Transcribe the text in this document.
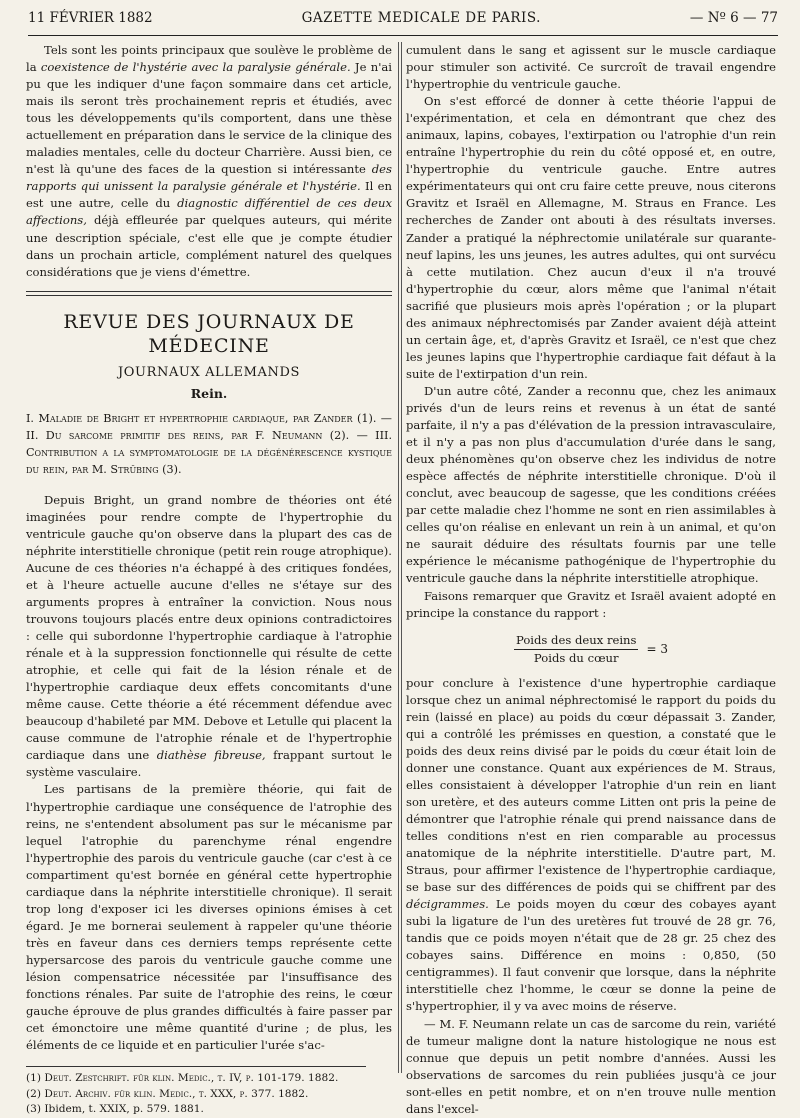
11 FÉVRIER 1882	GAZETTE MEDICALE DE PARIS.	— Nº 6 — 77

Tels sont les points principaux que soulève le problème de la coexistence de l'hystérie avec la paralysie générale. Je n'ai pu que les indiquer d'une façon sommaire dans cet article, mais ils seront très prochainement repris et étudiés, avec tous les développements qu'ils comportent, dans une thèse actuellement en préparation dans le service de la clinique des maladies mentales, celle du docteur Charrière. Aussi bien, ce n'est là qu'une des faces de la question si intéressante des rapports qui unissent la paralysie générale et l'hystérie. Il en est une autre, celle du diagnostic différentiel de ces deux affections, déjà effleurée par quelques auteurs, qui mérite une description spéciale, c'est elle que je compte étudier dans un prochain article, complément naturel des quelques considérations que je viens d'émettre.

REVUE DES JOURNAUX DE MÉDECINE
JOURNAUX ALLEMANDS
Rein.

I. Maladie de Bright et hypertrophie cardiaque, par Zander (1). — II. Du sarcome primitif des reins, par F. Neumann (2). — III. Contribution a la symptomatologie de la dégénérescence kystique du rein, par M. Strübing (3).

Depuis Bright, un grand nombre de théories ont été imaginées pour rendre compte de l'hypertrophie du ventricule gauche qu'on observe dans la plupart des cas de néphrite interstitielle chronique (petit rein rouge atrophique). Aucune de ces théories n'a échappé à des critiques fondées, et à l'heure actuelle aucune d'elles ne s'étaye sur des arguments propres à entraîner la conviction. Nous nous trouvons toujours placés entre deux opinions contradictoires : celle qui subordonne l'hypertrophie cardiaque à l'atrophie rénale et à la suppression fonctionnelle qui résulte de cette atrophie, et celle qui fait de la lésion rénale et de l'hypertrophie cardiaque deux effets concomitants d'une même cause. Cette théorie a été récemment défendue avec beaucoup d'habileté par MM. Debove et Letulle qui placent la cause commune de l'atrophie rénale et de l'hypertrophie cardiaque dans une diathèse fibreuse, frappant surtout le système vasculaire.

Les partisans de la première théorie, qui fait de l'hypertrophie cardiaque une conséquence de l'atrophie des reins, ne s'entendent absolument pas sur le mécanisme par lequel l'atrophie du parenchyme rénal engendre l'hypertrophie des parois du ventricule gauche (car c'est à ce compartiment qu'est bornée en général cette hypertrophie cardiaque dans la néphrite interstitielle chronique). Il serait trop long d'exposer ici les diverses opinions émises à cet égard. Je me bornerai seulement à rappeler qu'une théorie très en faveur dans ces derniers temps représente cette hypersarcose des parois du ventricule gauche comme une lésion compensatrice nécessitée par l'insuffisance des fonctions rénales. Par suite de l'atrophie des reins, le cœur gauche éprouve de plus grandes difficultés à faire passer par cet émonctoire une même quantité d'urine ; de plus, les éléments de ce liquide et en particulier l'urée s'ac-

(1) Deut. Zestchrift. für klin. Medic., t. IV, p. 101-179. 1882.

(2) Deut. Archiv. für klin. Medic., t. XXX, p. 377. 1882.

(3) Ibidem, t. XXIX, p. 579. 1881.

cumulent dans le sang et agissent sur le muscle cardiaque pour stimuler son activité. Ce surcroît de travail engendre l'hypertrophie du ventricule gauche.

On s'est efforcé de donner à cette théorie l'appui de l'expérimentation, et cela en démontrant que chez des animaux, lapins, cobayes, l'extirpation ou l'atrophie d'un rein entraîne l'hypertrophie du rein du côté opposé et, en outre, l'hypertrophie du ventricule gauche. Entre autres expérimentateurs qui ont cru faire cette preuve, nous citerons Gravitz et Israël en Allemagne, M. Straus en France. Les recherches de Zander ont abouti à des résultats inverses. Zander a pratiqué la néphrectomie unilatérale sur quarante-neuf lapins, les uns jeunes, les autres adultes, qui ont survécu à cette mutilation. Chez aucun d'eux il n'a trouvé d'hypertrophie du cœur, alors même que l'animal n'était sacrifié que plusieurs mois après l'opération ; or la plupart des animaux néphrectomisés par Zander avaient déjà atteint un certain âge, et, d'après Gravitz et Israël, ce n'est que chez les jeunes lapins que l'hypertrophie cardiaque fait défaut à la suite de l'extirpation d'un rein.

D'un autre côté, Zander a reconnu que, chez les animaux privés d'un de leurs reins et revenus à un état de santé parfaite, il n'y a pas d'élévation de la pression intravasculaire, et il n'y a pas non plus d'accumulation d'urée dans le sang, deux phénomènes qu'on observe chez les individus de notre espèce affectés de néphrite interstitielle chronique. D'où il conclut, avec beaucoup de sagesse, que les conditions créées par cette maladie chez l'homme ne sont en rien assimilables à celles qu'on réalise en enlevant un rein à un animal, et qu'on ne saurait déduire des résultats fournis par une telle expérience le mécanisme pathogénique de l'hypertrophie du ventricule gauche dans la néphrite interstitielle atrophique.

Faisons remarquer que Gravitz et Israël avaient adopté en principe la constance du rapport :

$\frac{\text{Poids des deux reins}}{\text{Poids du cœur}} = 3$

pour conclure à l'existence d'une hypertrophie cardiaque lorsque chez un animal néphrectomisé le rapport du poids du rein (laissé en place) au poids du cœur dépassait 3. Zander, qui a contrôlé les prémisses en question, a constaté que le poids des deux reins divisé par le poids du cœur était loin de donner une constance. Quant aux expériences de M. Straus, elles consistaient à développer l'atrophie d'un rein en liant son uretère, et des auteurs comme Litten ont pris la peine de démontrer que l'atrophie rénale qui prend naissance dans de telles conditions n'est en rien comparable au processus anatomique de la néphrite interstitielle. D'autre part, M. Straus, pour affirmer l'existence de l'hypertrophie cardiaque, se base sur des différences de poids qui se chiffrent par des décigrammes. Le poids moyen du cœur des cobayes ayant subi la ligature de l'un des uretères fut trouvé de 28 gr. 76, tandis que ce poids moyen n'était que de 28 gr. 25 chez des cobayes sains. Différence en moins : 0,850, (50 centigrammes). Il faut convenir que lorsque, dans la néphrite interstitielle chez l'homme, le cœur se donne la peine de s'hypertrophier, il y va avec moins de réserve.

— M. F. Neumann relate un cas de sarcome du rein, variété de tumeur maligne dont la nature histologique ne nous est connue que depuis un petit nombre d'années. Aussi les observations de sarcomes du rein publiées jusqu'à ce jour sont-elles en petit nombre, et on n'en trouve nulle mention dans l'excel-
